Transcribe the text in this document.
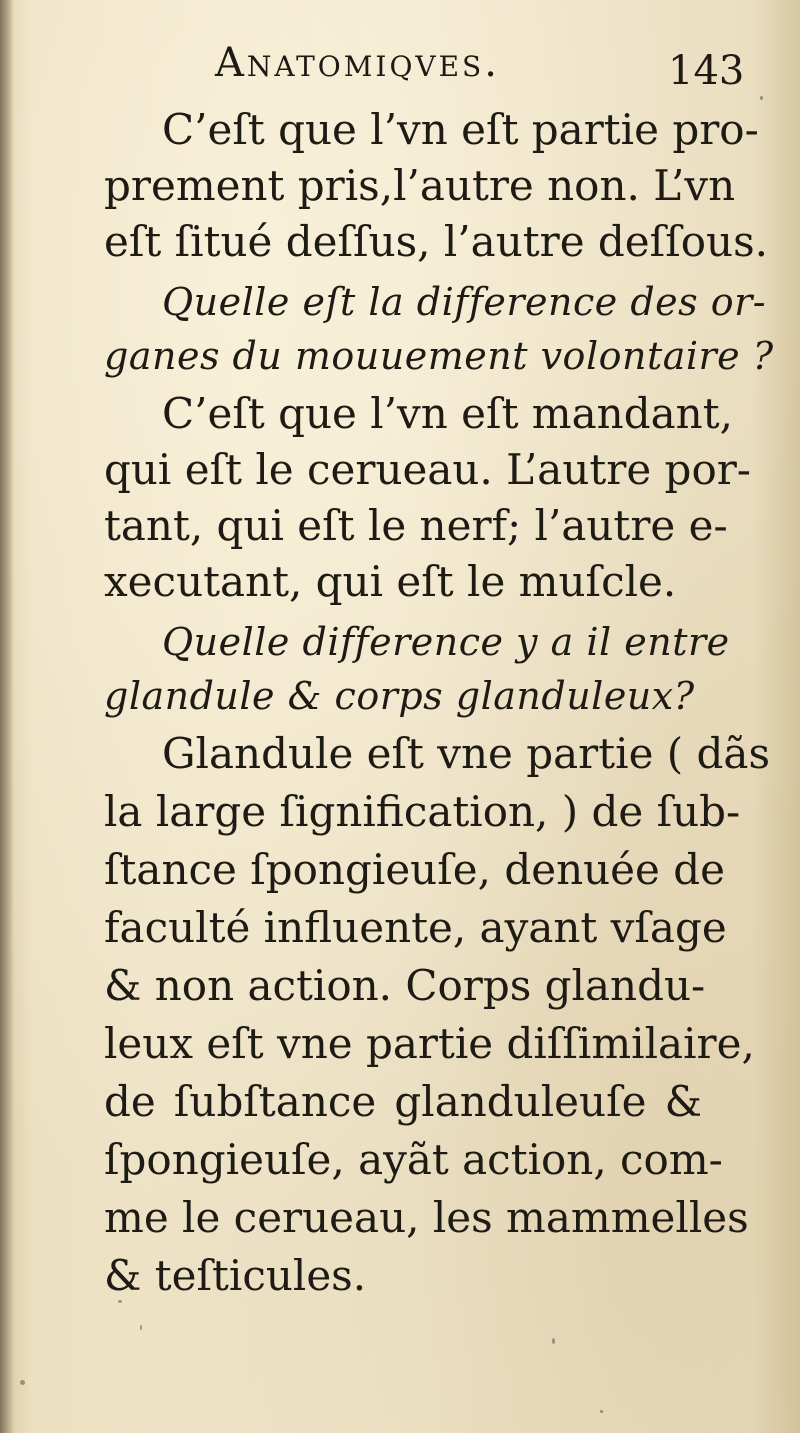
Anatomiqves.	143
C’eſt que l’vn eſt partie pro-
prement pris,l’autre non. L’vn
eſt ſitué deſſus, l’autre deſſous.
Quelle eſt la difference des or-
ganes du mouuement volontaire ?
C’eſt que l’vn eſt mandant,
qui eſt le cerueau. L’autre por-
tant, qui eſt le nerf; l’autre e-
xecutant, qui eſt le muſcle.
Quelle difference y a il entre
glandule & corps glanduleux?
Glandule eſt vne partie ( dãs
la large ſignification, ) de ſub-
ſtance ſpongieuſe, denuée de
faculté influente, ayant vſage
& non action. Corps glandu-
leux eſt vne partie diſſimilaire,
de ſubſtance glanduleuſe &
ſpongieuſe, ayãt action, com-
me le cerueau, les mammelles
& teſticules.
